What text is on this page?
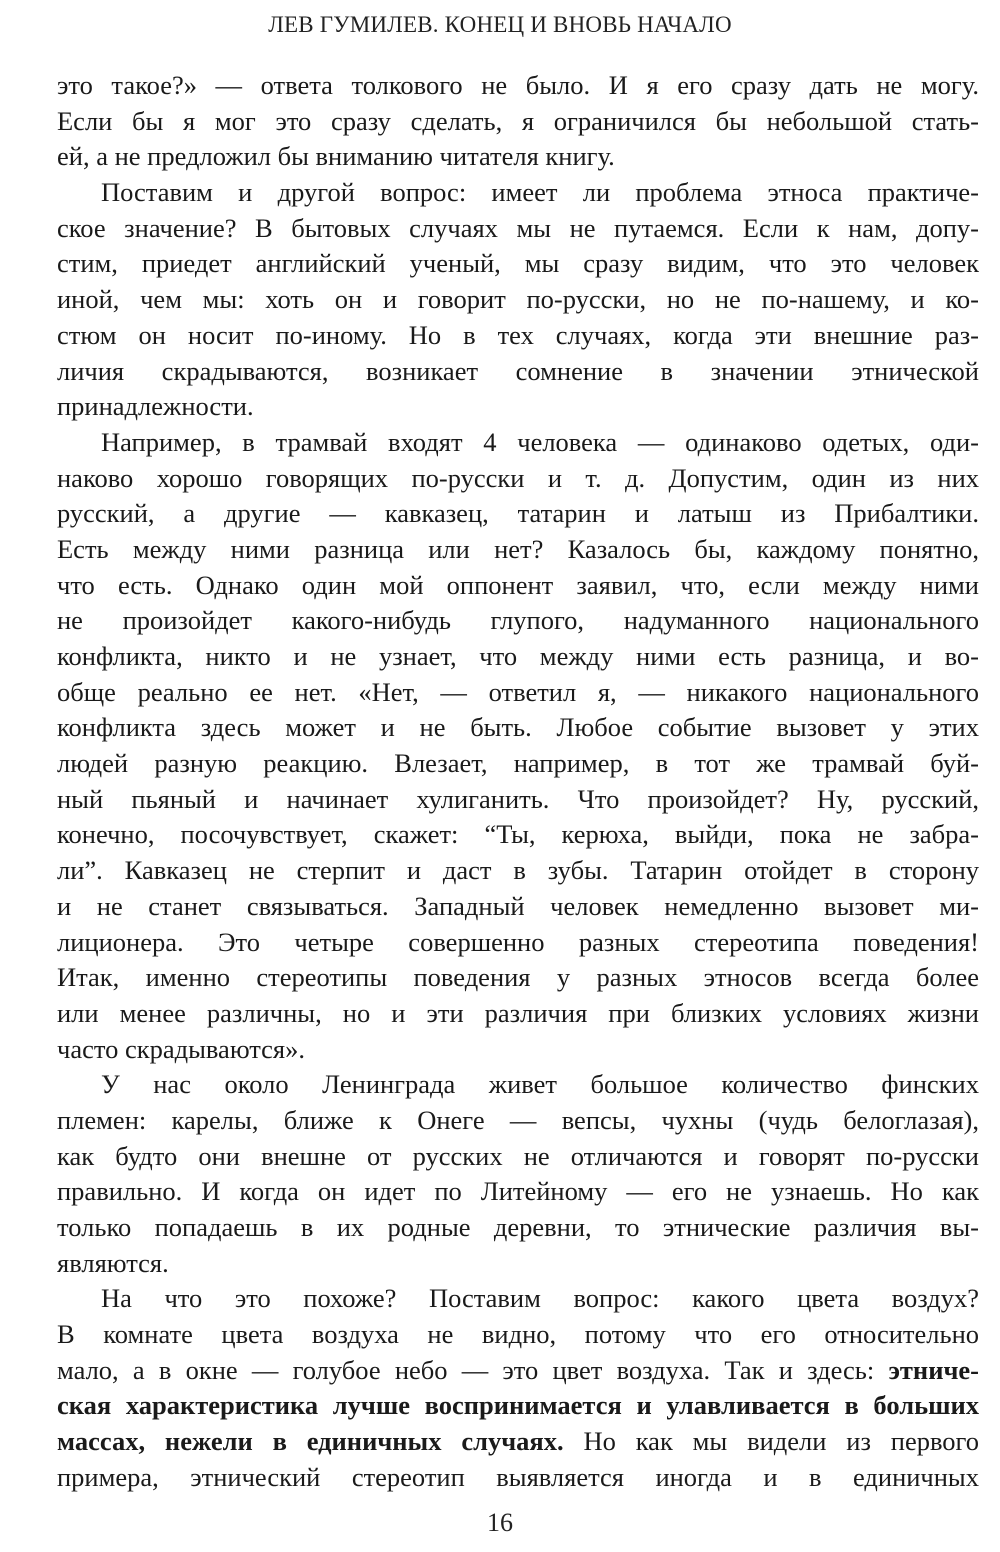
ЛЕВ ГУМИЛЕВ. КОНЕЦ И ВНОВЬ НАЧАЛО
это такое?» — ответа толкового не было. И я его сразу дать не могу.
Если бы я мог это сразу сделать, я ограничился бы небольшой стать-
ей, а не предложил бы вниманию читателя книгу.
Поставим и другой вопрос: имеет ли проблема этноса практиче-
ское значение? В бытовых случаях мы не путаемся. Если к нам, допу-
стим, приедет английский ученый, мы сразу видим, что это человек
иной, чем мы: хоть он и говорит по-русски, но не по-нашему, и ко-
стюм он носит по-иному. Но в тех случаях, когда эти внешние раз-
личия скрадываются, возникает сомнение в значении этнической
принадлежности.
Например, в трамвай входят 4 человека — одинаково одетых, оди-
наково хорошо говорящих по-русски и т. д. Допустим, один из них
русский, а другие — кавказец, татарин и латыш из Прибалтики.
Есть между ними разница или нет? Казалось бы, каждому понятно,
что есть. Однако один мой оппонент заявил, что, если между ними
не произойдет какого-нибудь глупого, надуманного национального
конфликта, никто и не узнает, что между ними есть разница, и во-
обще реально ее нет. «Нет, — ответил я, — никакого национального
конфликта здесь может и не быть. Любое событие вызовет у этих
людей разную реакцию. Влезает, например, в тот же трамвай буй-
ный пьяный и начинает хулиганить. Что произойдет? Ну, русский,
конечно, посочувствует, скажет: “Ты, керюха, выйди, пока не забра-
ли”. Кавказец не стерпит и даст в зубы. Татарин отойдет в сторону
и не станет связываться. Западный человек немедленно вызовет ми-
лиционера. Это четыре совершенно разных стереотипа поведения!
Итак, именно стереотипы поведения у разных этносов всегда более
или менее различны, но и эти различия при близких условиях жизни
часто скрадываются».
У нас около Ленинграда живет большое количество финских
племен: карелы, ближе к Онеге — вепсы, чухны (чудь белоглазая),
как будто они внешне от русских не отличаются и говорят по-русски
правильно. И когда он идет по Литейному — его не узнаешь. Но как
только попадаешь в их родные деревни, то этнические различия вы-
являются.
На что это похоже? Поставим вопрос: какого цвета воздух?
В комнате цвета воздуха не видно, потому что его относительно
мало, а в окне — голубое небо — это цвет воздуха. Так и здесь: этниче-
ская характеристика лучше воспринимается и улавливается в больших
массах, нежели в единичных случаях. Но как мы видели из первого
примера, этнический стереотип выявляется иногда и в единичных
16
